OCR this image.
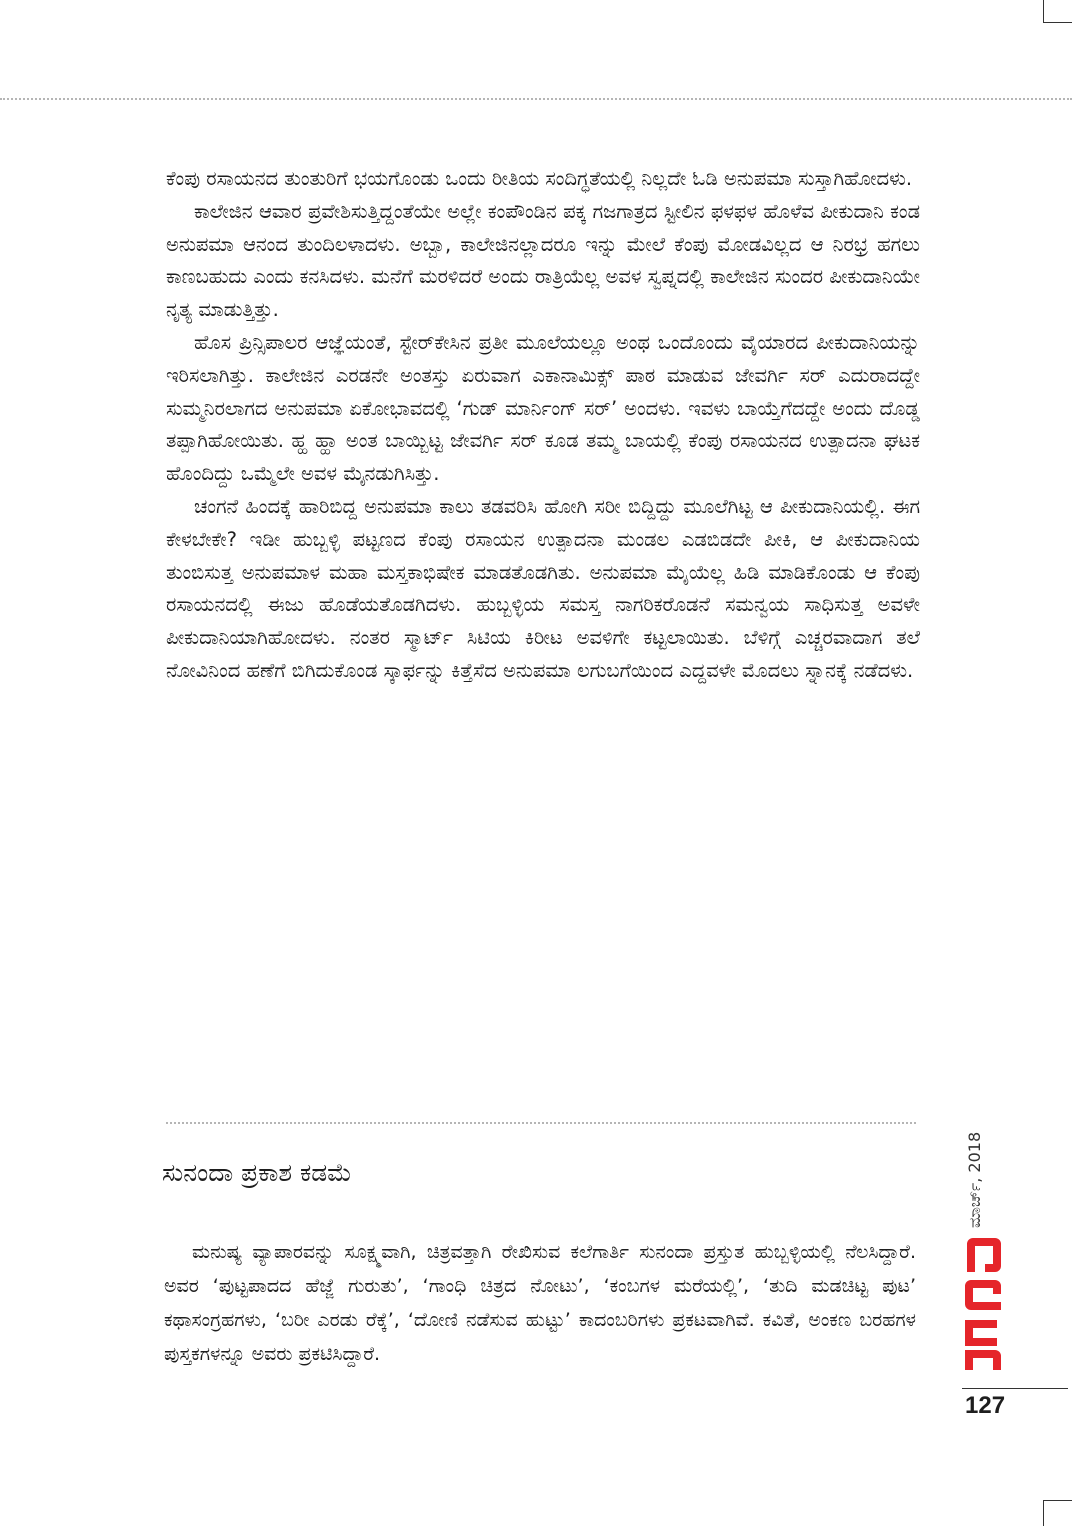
ಕೆಂಪು ರಸಾಯನದ ತುಂತುರಿಗೆ ಭಯಗೊಂಡು ಒಂದು ರೀತಿಯ ಸಂದಿಗ್ಧತೆಯಲ್ಲಿ ನಿಲ್ಲದೇ ಓಡಿ ಅನುಪಮಾ ಸುಸ್ತಾಗಿಹೋದಳು.

ಕಾಲೇಜಿನ ಆವಾರ ಪ್ರವೇಶಿಸುತ್ತಿದ್ದಂತೆಯೇ ಅಲ್ಲೇ ಕಂಪೌಂಡಿನ ಪಕ್ಕ ಗಜಗಾತ್ರದ ಸ್ಟೀಲಿನ ಫಳಫಳ ಹೊಳೆವ ಪೀಕುದಾನಿ ಕಂಡ ಅನುಪಮಾ ಆನಂದ ತುಂದಿಲಳಾದಳು. ಅಬ್ಬಾ, ಕಾಲೇಜಿನಲ್ಲಾದರೂ ಇನ್ನು ಮೇಲೆ ಕೆಂಪು ಮೋಡವಿಲ್ಲದ ಆ ನಿರಭ್ರ ಹಗಲು ಕಾಣಬಹುದು ಎಂದು ಕನಸಿದಳು. ಮನೆಗೆ ಮರಳಿದರೆ ಅಂದು ರಾತ್ರಿಯೆಲ್ಲ ಅವಳ ಸ್ವಪ್ನದಲ್ಲಿ ಕಾಲೇಜಿನ ಸುಂದರ ಪೀಕುದಾನಿಯೇ ನೃತ್ಯ ಮಾಡುತ್ತಿತ್ತು.

ಹೊಸ ಪ್ರಿನ್ಸಿಪಾಲರ ಆಜ್ಞೆಯಂತೆ, ಸ್ಟೇರ್‌ಕೇಸಿನ ಪ್ರತೀ ಮೂಲೆಯಲ್ಲೂ ಅಂಥ ಒಂದೊಂದು ವೈಯಾರದ ಪೀಕುದಾನಿಯನ್ನು ಇರಿಸಲಾಗಿತ್ತು. ಕಾಲೇಜಿನ ಎರಡನೇ ಅಂತಸ್ತು ಏರುವಾಗ ಎಕಾನಾಮಿಕ್ಸ್ ಪಾಠ ಮಾಡುವ ಜೇವರ್ಗಿ ಸರ್ ಎದುರಾದದ್ದೇ ಸುಮ್ಮನಿರಲಾಗದ ಅನುಪಮಾ ಏಕೋಭಾವದಲ್ಲಿ ‘ಗುಡ್ ಮಾರ್ನಿಂಗ್ ಸರ್’ ಅಂದಳು. ಇವಳು ಬಾಯ್ತೆಗೆದದ್ದೇ ಅಂದು ದೊಡ್ಡ ತಪ್ಪಾಗಿಹೋಯಿತು. ಹ್ಹ ಹ್ಹಾ ಅಂತ ಬಾಯ್ಬಿಟ್ಟ ಜೇವರ್ಗಿ ಸರ್ ಕೂಡ ತಮ್ಮ ಬಾಯಲ್ಲಿ ಕೆಂಪು ರಸಾಯನದ ಉತ್ಪಾದನಾ ಘಟಕ ಹೊಂದಿದ್ದು ಒಮ್ಮೆಲೇ ಅವಳ ಮೈನಡುಗಿಸಿತ್ತು.

ಚಂಗನೆ ಹಿಂದಕ್ಕೆ ಹಾರಿಬಿದ್ದ ಅನುಪಮಾ ಕಾಲು ತಡವರಿಸಿ ಹೋಗಿ ಸರೀ ಬಿದ್ದಿದ್ದು ಮೂಲೆಗಿಟ್ಟ ಆ ಪೀಕುದಾನಿಯಲ್ಲಿ. ಈಗ ಕೇಳಬೇಕೇ? ಇಡೀ ಹುಬ್ಬಳ್ಳಿ ಪಟ್ಟಣದ ಕೆಂಪು ರಸಾಯನ ಉತ್ಪಾದನಾ ಮಂಡಲ ಎಡಬಿಡದೇ ಪೀಕಿ, ಆ ಪೀಕುದಾನಿಯ ತುಂಬಿಸುತ್ತ ಅನುಪಮಾಳ ಮಹಾ ಮಸ್ತಕಾಭಿಷೇಕ ಮಾಡತೊಡಗಿತು. ಅನುಪಮಾ ಮೈಯೆಲ್ಲ ಹಿಡಿ ಮಾಡಿಕೊಂಡು ಆ ಕೆಂಪು ರಸಾಯನದಲ್ಲಿ ಈಜು ಹೊಡೆಯತೊಡಗಿದಳು. ಹುಬ್ಬಳ್ಳಿಯ ಸಮಸ್ತ ನಾಗರಿಕರೊಡನೆ ಸಮನ್ವಯ ಸಾಧಿಸುತ್ತ ಅವಳೇ ಪೀಕುದಾನಿಯಾಗಿಹೋದಳು. ನಂತರ ಸ್ಮಾರ್ಟ್ ಸಿಟಿಯ ಕಿರೀಟ ಅವಳಿಗೇ ಕಟ್ಟಲಾಯಿತು. ಬೆಳಿಗ್ಗೆ ಎಚ್ಚರವಾದಾಗ ತಲೆ ನೋವಿನಿಂದ ಹಣೆಗೆ ಬಿಗಿದುಕೊಂಡ ಸ್ಕಾರ್ಫನ್ನು ಕಿತ್ತೆಸೆದ ಅನುಪಮಾ ಲಗುಬಗೆಯಿಂದ ಎದ್ದವಳೇ ಮೊದಲು ಸ್ನಾನಕ್ಕೆ ನಡೆದಳು.

ಸುನಂದಾ ಪ್ರಕಾಶ ಕಡಮೆ

ಮನುಷ್ಯ ವ್ಯಾಪಾರವನ್ನು ಸೂಕ್ಷ್ಮವಾಗಿ, ಚಿತ್ರವತ್ತಾಗಿ ರೇಖಿಸುವ ಕಲೆಗಾರ್ತಿ ಸುನಂದಾ ಪ್ರಸ್ತುತ ಹುಬ್ಬಳ್ಳಿಯಲ್ಲಿ ನೆಲಸಿದ್ದಾರೆ. ಅವರ ‘ಪುಟ್ಟಪಾದದ ಹೆಜ್ಜೆ ಗುರುತು’, ‘ಗಾಂಧಿ ಚಿತ್ರದ ನೋಟು’, ‘ಕಂಬಗಳ ಮರೆಯಲ್ಲಿ’, ‘ತುದಿ ಮಡಚಿಟ್ಟ ಪುಟ’ ಕಥಾಸಂಗ್ರಹಗಳು, ‘ಬರೀ ಎರಡು ರೆಕ್ಕೆ’, ‘ದೋಣಿ ನಡೆಸುವ ಹುಟ್ಟು’ ಕಾದಂಬರಿಗಳು ಪ್ರಕಟವಾಗಿವೆ. ಕವಿತೆ, ಅಂಕಣ ಬರಹಗಳ ಪುಸ್ತಕಗಳನ್ನೂ ಅವರು ಪ್ರಕಟಿಸಿದ್ದಾರೆ.

ಮಾರ್ಚ್, 2018
127
